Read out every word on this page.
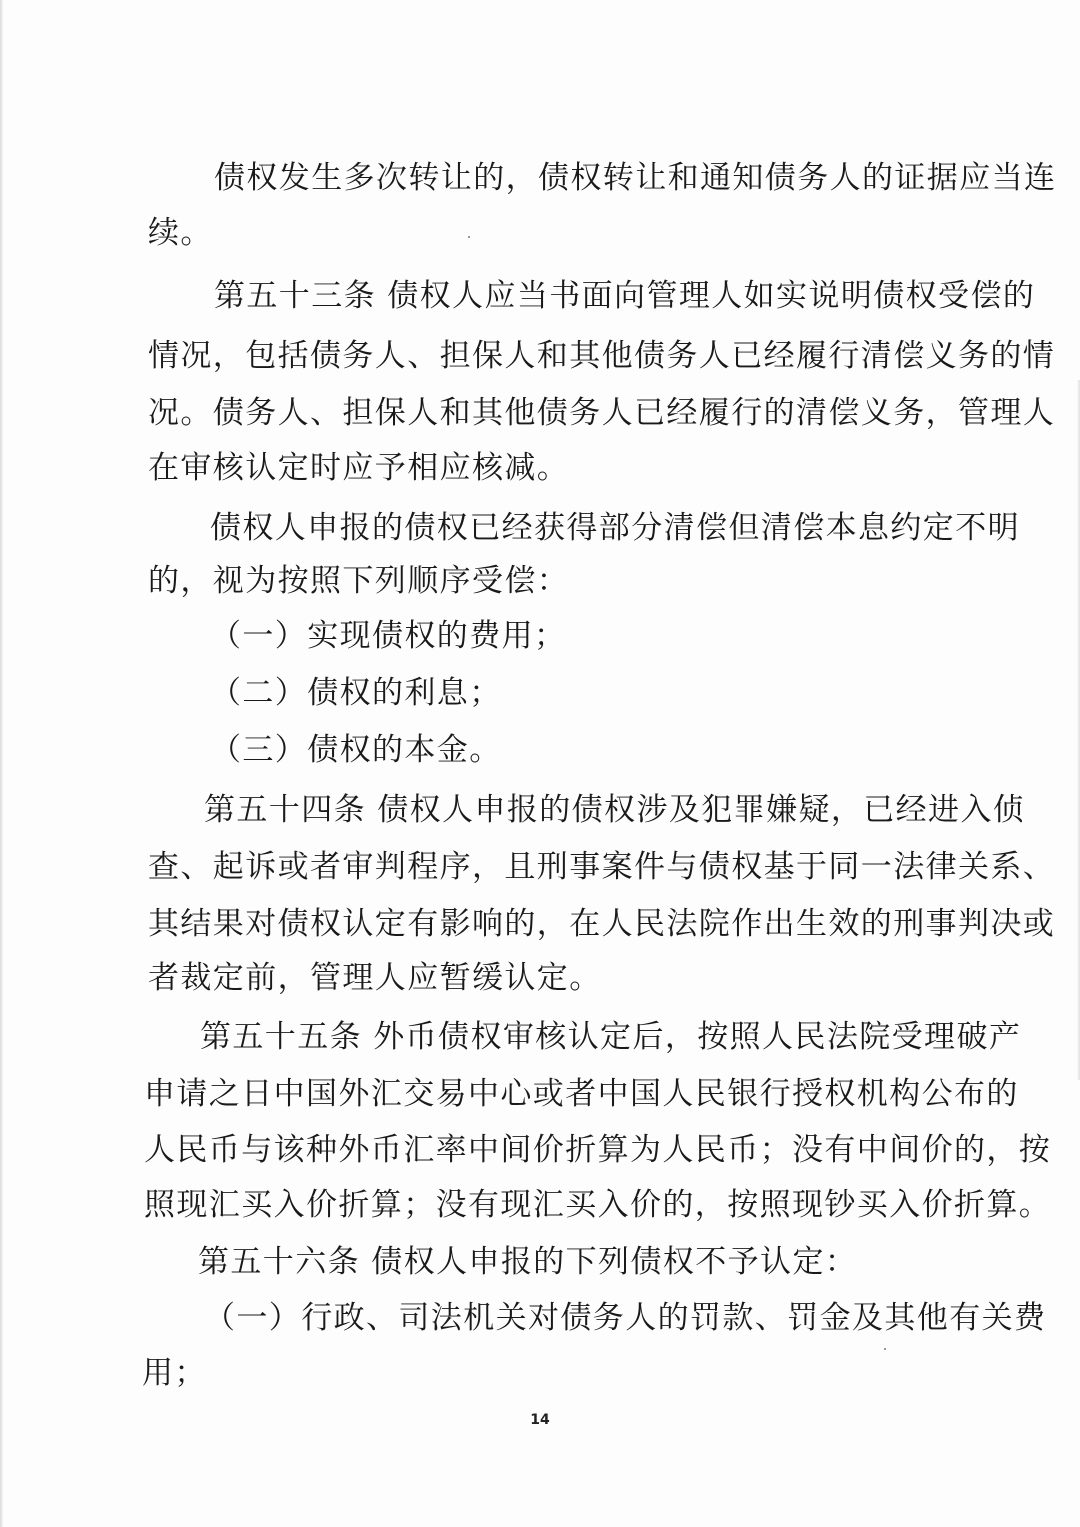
债权发生多次转让的，债权转让和通知债务人的证据应当连
续。
第五十三条 债权人应当书面向管理人如实说明债权受偿的
情况，包括债务人、担保人和其他债务人已经履行清偿义务的情
况。债务人、担保人和其他债务人已经履行的清偿义务，管理人
在审核认定时应予相应核减。
债权人申报的债权已经获得部分清偿但清偿本息约定不明
的，视为按照下列顺序受偿：
（一）实现债权的费用；
（二）债权的利息；
（三）债权的本金。
第五十四条 债权人申报的债权涉及犯罪嫌疑，已经进入侦
查、起诉或者审判程序，且刑事案件与债权基于同一法律关系、
其结果对债权认定有影响的，在人民法院作出生效的刑事判决或
者裁定前，管理人应暂缓认定。
第五十五条 外币债权审核认定后，按照人民法院受理破产
申请之日中国外汇交易中心或者中国人民银行授权机构公布的
人民币与该种外币汇率中间价折算为人民币；没有中间价的，按
照现汇买入价折算；没有现汇买入价的，按照现钞买入价折算。
第五十六条 债权人申报的下列债权不予认定：
（一）行政、司法机关对债务人的罚款、罚金及其他有关费
用；
14
